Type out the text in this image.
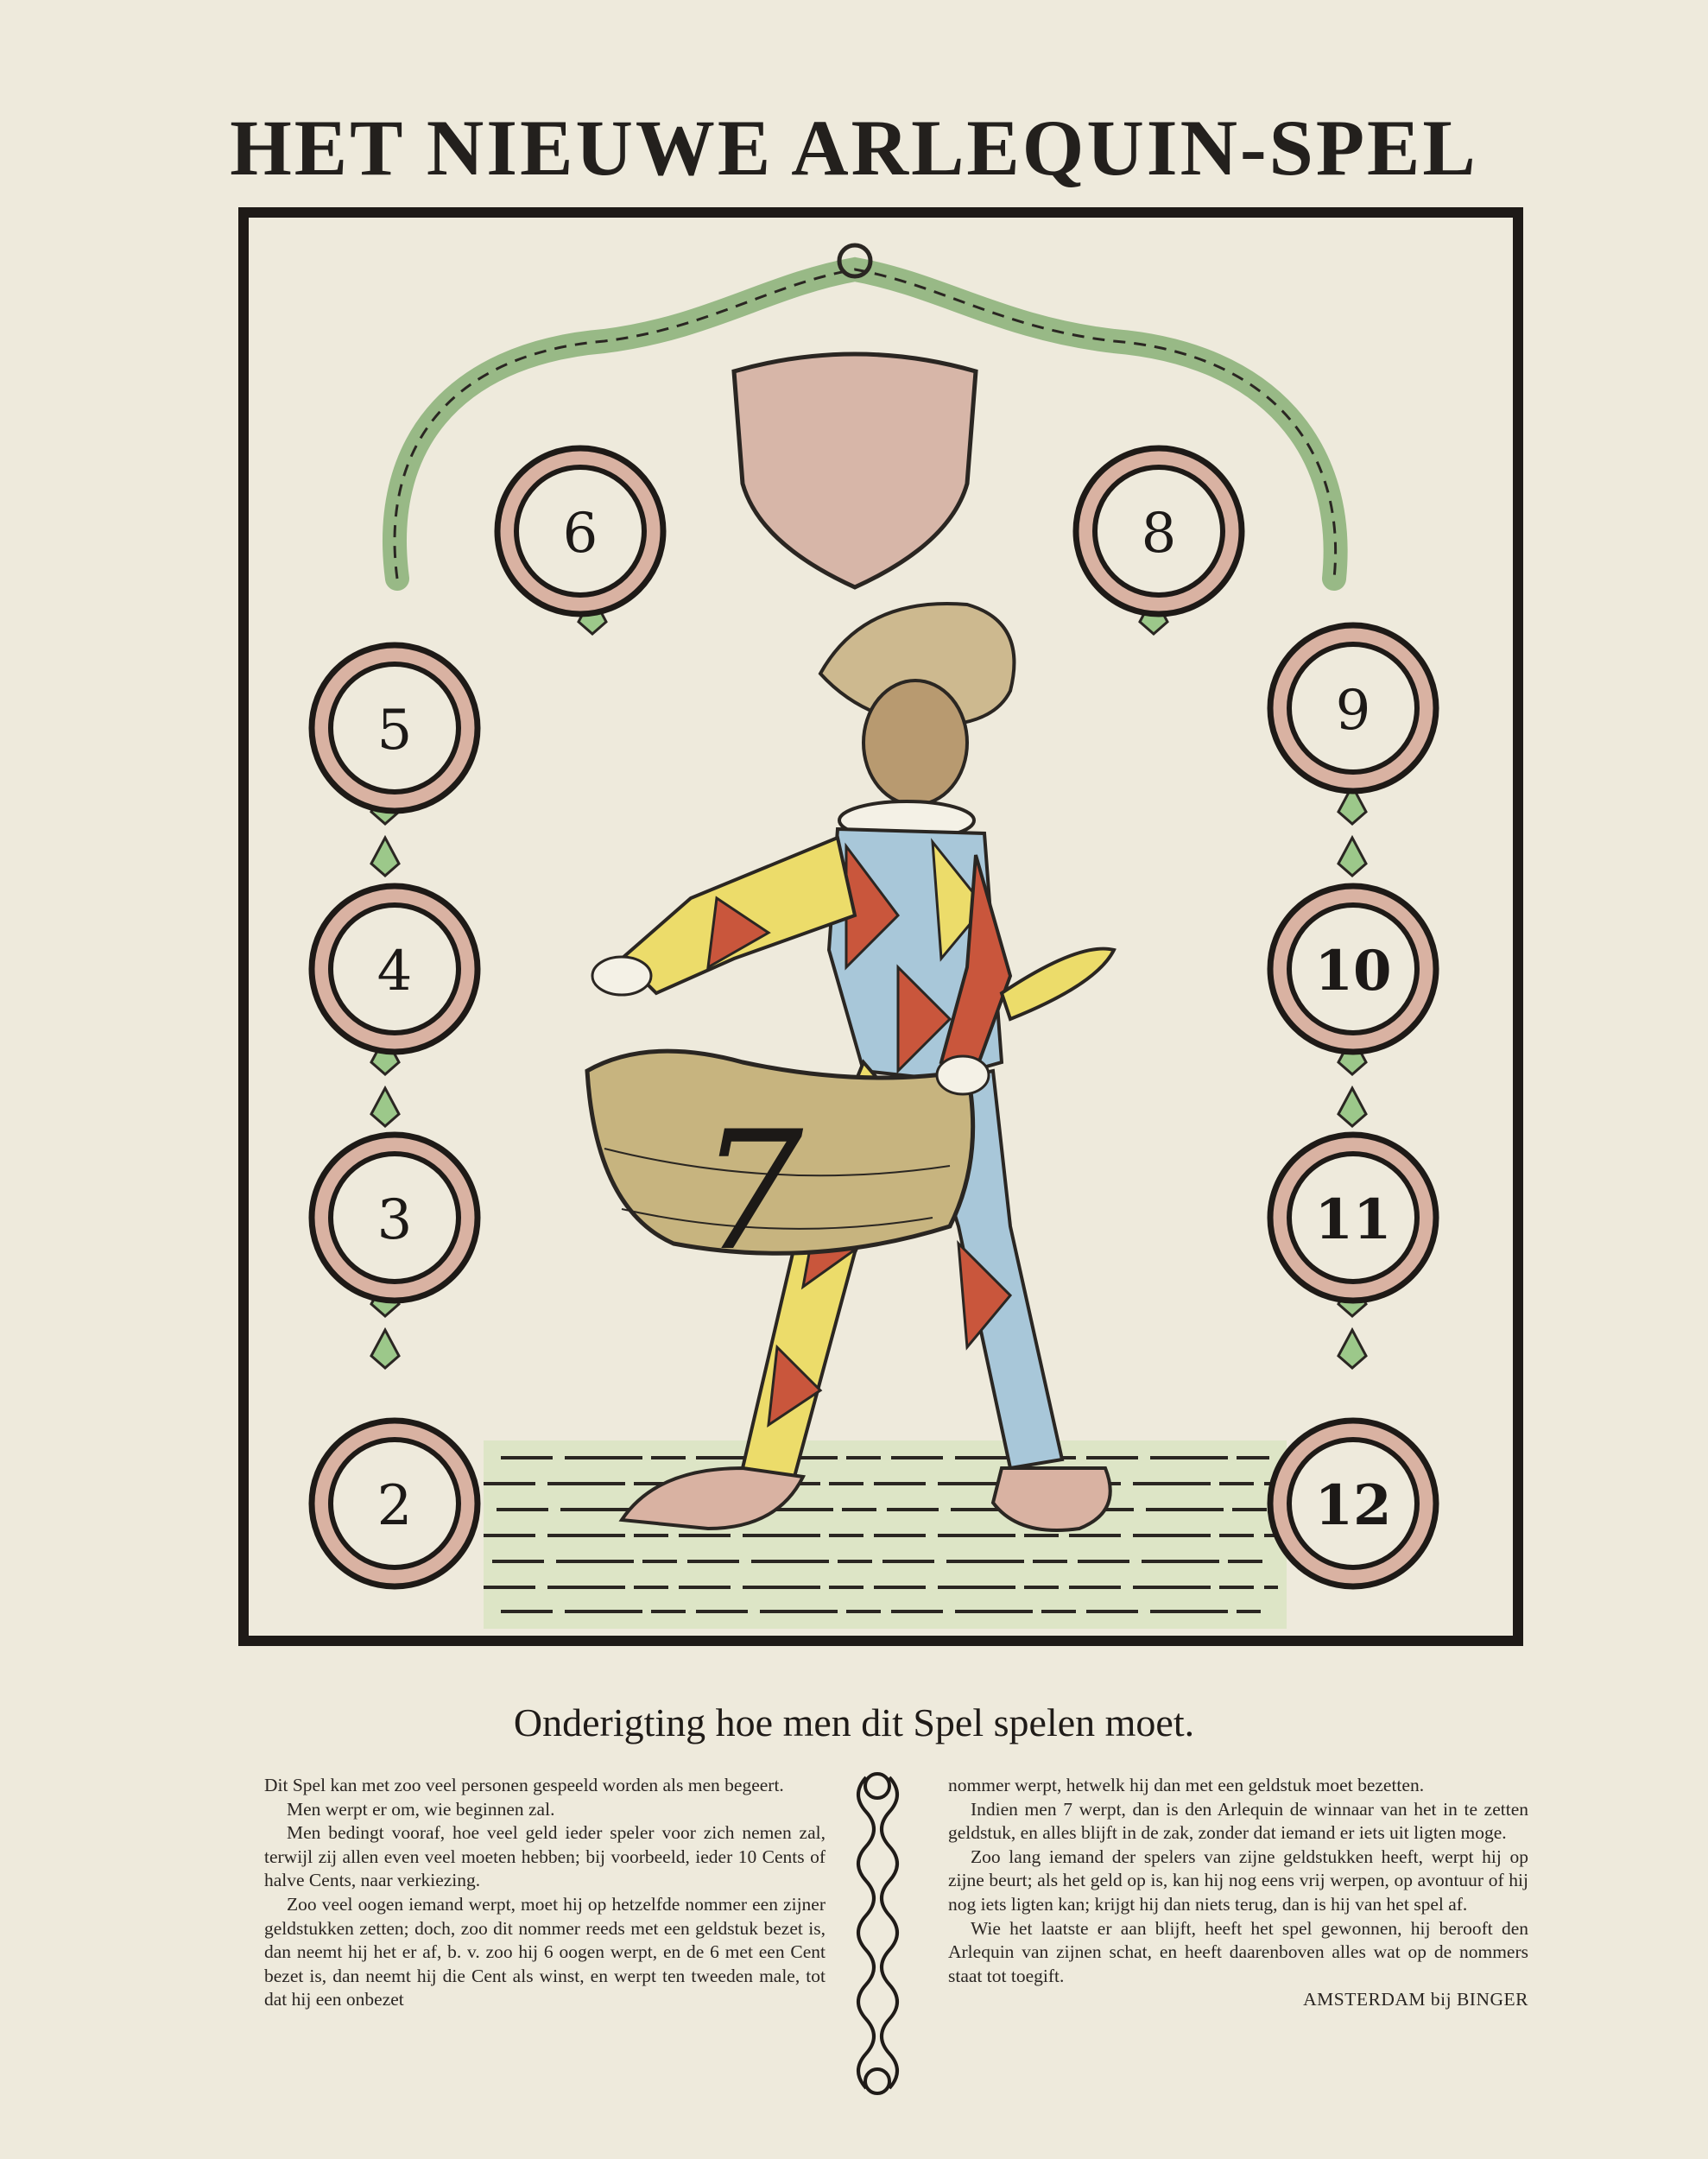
HET NIEUWE ARLEQUIN-SPEL
5
4
3
2
9
10
11
12
6	8
7
Onderigting hoe men dit Spel spelen moet.

Dit Spel kan met zoo veel personen gespeeld worden als men begeert.

Men werpt er om, wie beginnen zal.

Men bedingt vooraf, hoe veel geld ieder speler voor zich nemen zal, terwijl zij allen even veel moeten hebben; bij voorbeeld, ieder 10 Cents of halve Cents, naar verkiezing.

Zoo veel oogen iemand werpt, moet hij op hetzelfde nommer een zijner geldstukken zetten; doch, zoo dit nommer reeds met een geldstuk bezet is, dan neemt hij het er af, b. v. zoo hij 6 oogen werpt, en de 6 met een Cent bezet is, dan neemt hij die Cent als winst, en werpt ten tweeden male, tot dat hij een onbezet

nommer werpt, hetwelk hij dan met een geldstuk moet bezetten.

Indien men 7 werpt, dan is den Arlequin de winnaar van het in te zetten geldstuk, en alles blijft in de zak, zonder dat iemand er iets uit ligten moge.

Zoo lang iemand der spelers van zijne geldstukken heeft, werpt hij op zijne beurt; als het geld op is, kan hij nog eens vrij werpen, op avontuur of hij nog iets ligten kan; krijgt hij dan niets terug, dan is hij van het spel af.

Wie het laatste er aan blijft, heeft het spel gewonnen, hij berooft den Arlequin van zijnen schat, en heeft daarenboven alles wat op de nommers staat tot toegift.

AMSTERDAM bij BINGER
